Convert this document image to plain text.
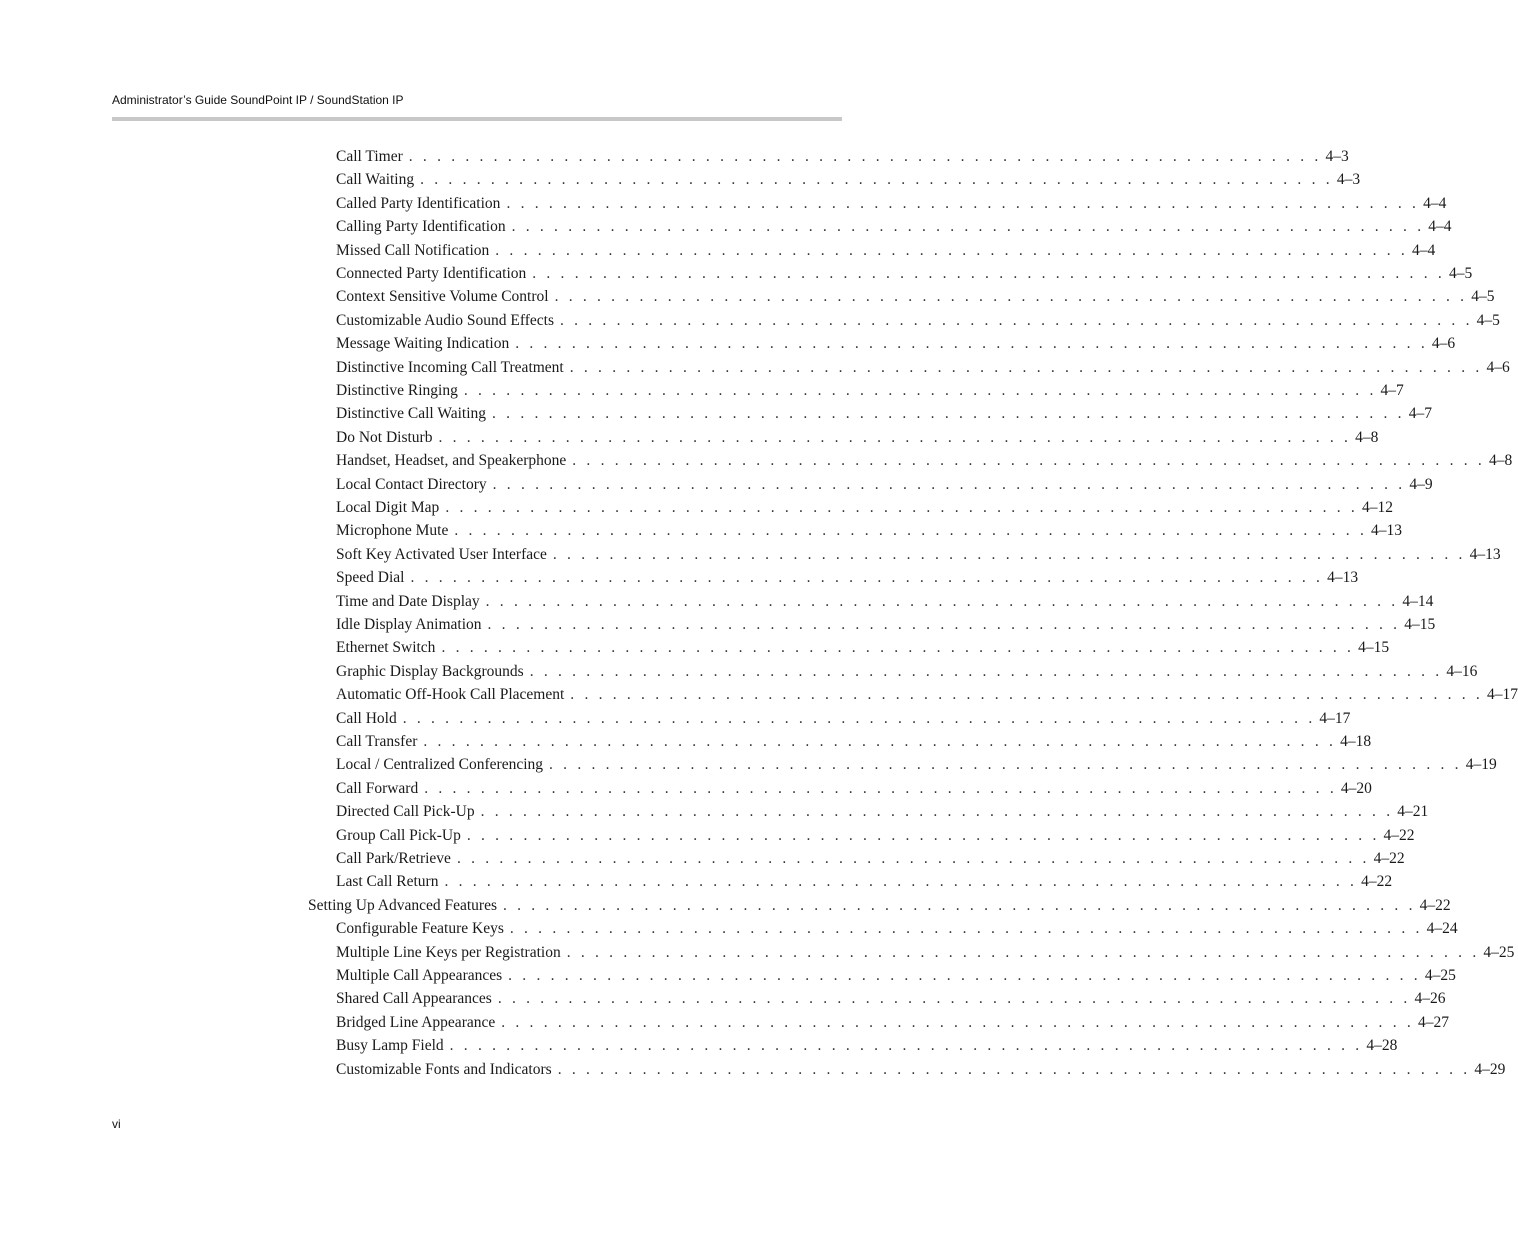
Administrator’s Guide SoundPoint IP / SoundStation IP
Call Timer . . . . . . . . . . . . . . . . . . . . . . . . . . . . . . . . . . . . . . . . . . . . . . . . . . . . . . . . . . . . . . . . . 4–3
Call Waiting . . . . . . . . . . . . . . . . . . . . . . . . . . . . . . . . . . . . . . . . . . . . . . . . . . . . . . . . . . . . . . . . . 4–3
Called Party Identification . . . . . . . . . . . . . . . . . . . . . . . . . . . . . . . . . . . . . . . . . . . . . . . . . . . . . . . . . . . . . . . . . 4–4
Calling Party Identification . . . . . . . . . . . . . . . . . . . . . . . . . . . . . . . . . . . . . . . . . . . . . . . . . . . . . . . . . . . . . . . . . 4–4
Missed Call Notification . . . . . . . . . . . . . . . . . . . . . . . . . . . . . . . . . . . . . . . . . . . . . . . . . . . . . . . . . . . . . . . . . 4–4
Connected Party Identification . . . . . . . . . . . . . . . . . . . . . . . . . . . . . . . . . . . . . . . . . . . . . . . . . . . . . . . . . . . . . . . . . 4–5
Context Sensitive Volume Control . . . . . . . . . . . . . . . . . . . . . . . . . . . . . . . . . . . . . . . . . . . . . . . . . . . . . . . . . . . . . . . . . 4–5
Customizable Audio Sound Effects . . . . . . . . . . . . . . . . . . . . . . . . . . . . . . . . . . . . . . . . . . . . . . . . . . . . . . . . . . . . . . . . . 4–5
Message Waiting Indication . . . . . . . . . . . . . . . . . . . . . . . . . . . . . . . . . . . . . . . . . . . . . . . . . . . . . . . . . . . . . . . . . 4–6
Distinctive Incoming Call Treatment . . . . . . . . . . . . . . . . . . . . . . . . . . . . . . . . . . . . . . . . . . . . . . . . . . . . . . . . . . . . . . . . . 4–6
Distinctive Ringing . . . . . . . . . . . . . . . . . . . . . . . . . . . . . . . . . . . . . . . . . . . . . . . . . . . . . . . . . . . . . . . . . 4–7
Distinctive Call Waiting . . . . . . . . . . . . . . . . . . . . . . . . . . . . . . . . . . . . . . . . . . . . . . . . . . . . . . . . . . . . . . . . . 4–7
Do Not Disturb . . . . . . . . . . . . . . . . . . . . . . . . . . . . . . . . . . . . . . . . . . . . . . . . . . . . . . . . . . . . . . . . . 4–8
Handset, Headset, and Speakerphone . . . . . . . . . . . . . . . . . . . . . . . . . . . . . . . . . . . . . . . . . . . . . . . . . . . . . . . . . . . . . . . . . 4–8
Local Contact Directory . . . . . . . . . . . . . . . . . . . . . . . . . . . . . . . . . . . . . . . . . . . . . . . . . . . . . . . . . . . . . . . . . 4–9
Local Digit Map . . . . . . . . . . . . . . . . . . . . . . . . . . . . . . . . . . . . . . . . . . . . . . . . . . . . . . . . . . . . . . . . . 4–12
Microphone Mute . . . . . . . . . . . . . . . . . . . . . . . . . . . . . . . . . . . . . . . . . . . . . . . . . . . . . . . . . . . . . . . . . 4–13
Soft Key Activated User Interface . . . . . . . . . . . . . . . . . . . . . . . . . . . . . . . . . . . . . . . . . . . . . . . . . . . . . . . . . . . . . . . . . 4–13
Speed Dial . . . . . . . . . . . . . . . . . . . . . . . . . . . . . . . . . . . . . . . . . . . . . . . . . . . . . . . . . . . . . . . . . 4–13
Time and Date Display . . . . . . . . . . . . . . . . . . . . . . . . . . . . . . . . . . . . . . . . . . . . . . . . . . . . . . . . . . . . . . . . . 4–14
Idle Display Animation . . . . . . . . . . . . . . . . . . . . . . . . . . . . . . . . . . . . . . . . . . . . . . . . . . . . . . . . . . . . . . . . . 4–15
Ethernet Switch . . . . . . . . . . . . . . . . . . . . . . . . . . . . . . . . . . . . . . . . . . . . . . . . . . . . . . . . . . . . . . . . . 4–15
Graphic Display Backgrounds . . . . . . . . . . . . . . . . . . . . . . . . . . . . . . . . . . . . . . . . . . . . . . . . . . . . . . . . . . . . . . . . . 4–16
Automatic Off-Hook Call Placement . . . . . . . . . . . . . . . . . . . . . . . . . . . . . . . . . . . . . . . . . . . . . . . . . . . . . . . . . . . . . . . . . 4–17
Call Hold . . . . . . . . . . . . . . . . . . . . . . . . . . . . . . . . . . . . . . . . . . . . . . . . . . . . . . . . . . . . . . . . . 4–17
Call Transfer . . . . . . . . . . . . . . . . . . . . . . . . . . . . . . . . . . . . . . . . . . . . . . . . . . . . . . . . . . . . . . . . . 4–18
Local / Centralized Conferencing . . . . . . . . . . . . . . . . . . . . . . . . . . . . . . . . . . . . . . . . . . . . . . . . . . . . . . . . . . . . . . . . . 4–19
Call Forward . . . . . . . . . . . . . . . . . . . . . . . . . . . . . . . . . . . . . . . . . . . . . . . . . . . . . . . . . . . . . . . . . 4–20
Directed Call Pick-Up . . . . . . . . . . . . . . . . . . . . . . . . . . . . . . . . . . . . . . . . . . . . . . . . . . . . . . . . . . . . . . . . . 4–21
Group Call Pick-Up . . . . . . . . . . . . . . . . . . . . . . . . . . . . . . . . . . . . . . . . . . . . . . . . . . . . . . . . . . . . . . . . . 4–22
Call Park/Retrieve . . . . . . . . . . . . . . . . . . . . . . . . . . . . . . . . . . . . . . . . . . . . . . . . . . . . . . . . . . . . . . . . . 4–22
Last Call Return . . . . . . . . . . . . . . . . . . . . . . . . . . . . . . . . . . . . . . . . . . . . . . . . . . . . . . . . . . . . . . . . . 4–22
Setting Up Advanced Features . . . . . . . . . . . . . . . . . . . . . . . . . . . . . . . . . . . . . . . . . . . . . . . . . . . . . . . . . . . . . . . . . 4–22
Configurable Feature Keys . . . . . . . . . . . . . . . . . . . . . . . . . . . . . . . . . . . . . . . . . . . . . . . . . . . . . . . . . . . . . . . . . 4–24
Multiple Line Keys per Registration . . . . . . . . . . . . . . . . . . . . . . . . . . . . . . . . . . . . . . . . . . . . . . . . . . . . . . . . . . . . . . . . . 4–25
Multiple Call Appearances . . . . . . . . . . . . . . . . . . . . . . . . . . . . . . . . . . . . . . . . . . . . . . . . . . . . . . . . . . . . . . . . . 4–25
Shared Call Appearances . . . . . . . . . . . . . . . . . . . . . . . . . . . . . . . . . . . . . . . . . . . . . . . . . . . . . . . . . . . . . . . . . 4–26
Bridged Line Appearance . . . . . . . . . . . . . . . . . . . . . . . . . . . . . . . . . . . . . . . . . . . . . . . . . . . . . . . . . . . . . . . . . 4–27
Busy Lamp Field . . . . . . . . . . . . . . . . . . . . . . . . . . . . . . . . . . . . . . . . . . . . . . . . . . . . . . . . . . . . . . . . . 4–28
Customizable Fonts and Indicators . . . . . . . . . . . . . . . . . . . . . . . . . . . . . . . . . . . . . . . . . . . . . . . . . . . . . . . . . . . . . . . . . 4–29
vi
